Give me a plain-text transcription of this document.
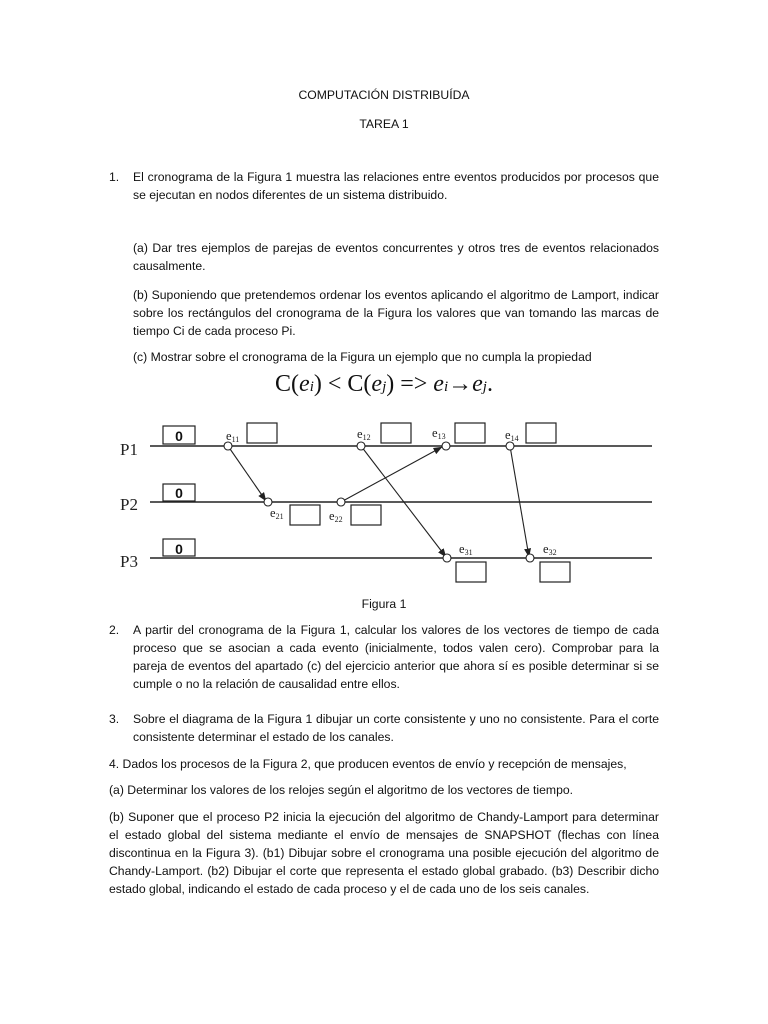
COMPUTACIÓN DISTRIBUÍDA
TAREA 1
1. El cronograma de la Figura 1 muestra las relaciones entre eventos producidos por procesos que se ejecutan en nodos diferentes de un sistema distribuido.
(a) Dar tres ejemplos de parejas de eventos concurrentes y otros tres de eventos relacionados causalmente.
(b) Suponiendo que pretendemos ordenar los eventos aplicando el algoritmo de Lamport, indicar sobre los rectángulos del cronograma de la Figura los valores que van tomando las marcas de tiempo Ci de cada proceso Pi.
(c) Mostrar sobre el cronograma de la Figura un ejemplo que no cumpla la propiedad
C(ei) < C(ej) => ei→ej.
P1
P2
P3
0
0
0
e11	e12	e13	e14
e21	e22
e31	e32
Figura 1
2. A partir del cronograma de la Figura 1, calcular los valores de los vectores de tiempo de cada proceso que se asocian a cada evento (inicialmente, todos valen cero). Comprobar para la pareja de eventos del apartado (c) del ejercicio anterior que ahora sí es posible determinar si se cumple o no la relación de causalidad entre ellos.
3. Sobre el diagrama de la Figura 1 dibujar un corte consistente y uno no consistente. Para el corte consistente determinar el estado de los canales.
4. Dados los procesos de la Figura 2, que producen eventos de envío y recepción de mensajes,
(a) Determinar los valores de los relojes según el algoritmo de los vectores de tiempo.
(b) Suponer que el proceso P2 inicia la ejecución del algoritmo de Chandy-Lamport para determinar el estado global del sistema mediante el envío de mensajes de SNAPSHOT (flechas con línea discontinua en la Figura 3). (b1) Dibujar sobre el cronograma una posible ejecución del algoritmo de Chandy-Lamport. (b2) Dibujar el corte que representa el estado global grabado. (b3) Describir dicho estado global, indicando el estado de cada proceso y el de cada uno de los seis canales.
